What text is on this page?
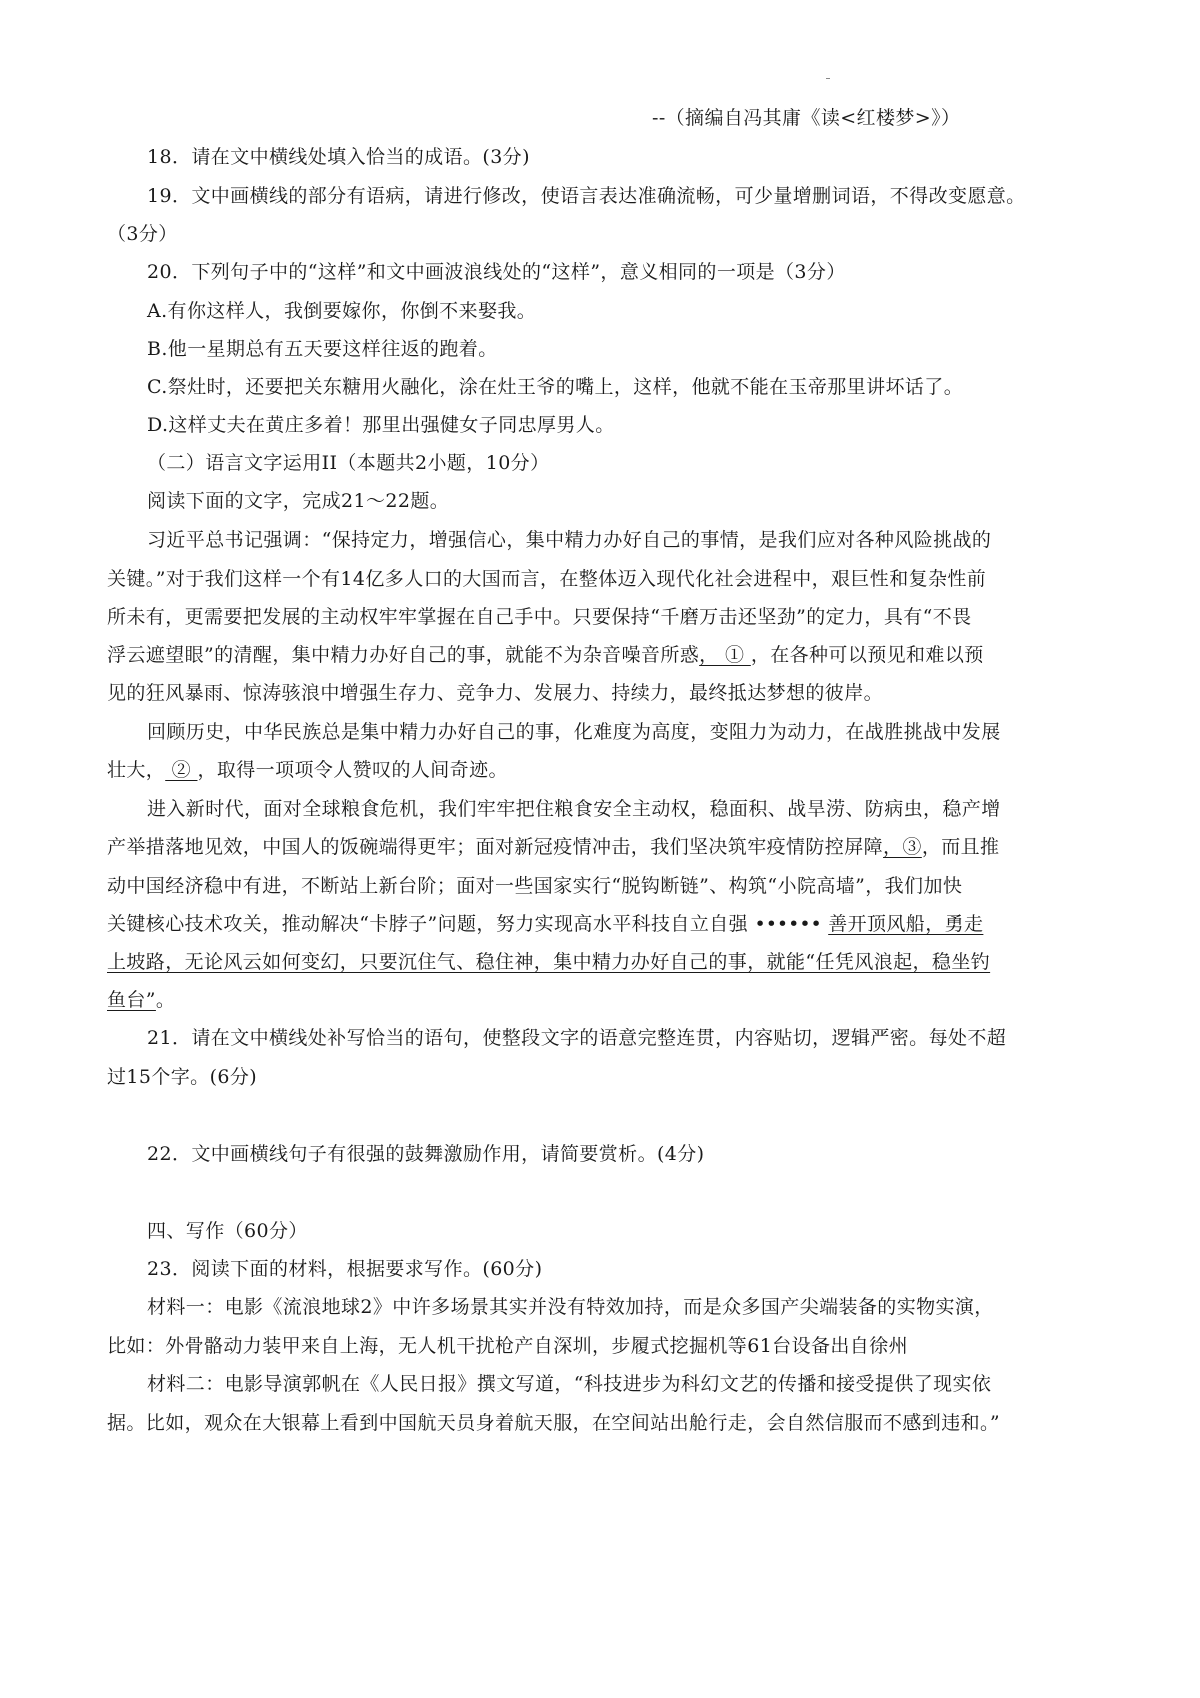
--（摘编自冯其庸《读<红楼梦>》）
18．请在文中横线处填入恰当的成语。(3分)
19．文中画横线的部分有语病，请进行修改，使语言表达准确流畅，可少量增删词语，不得改变愿意。
（3分）
20．下列句子中的“这样”和文中画波浪线处的“这样”，意义相同的一项是（3分）
A.有你这样人，我倒要嫁你，你倒不来娶我。
B.他一星期总有五天要这样往返的跑着。
C.祭灶时，还要把关东糖用火融化，涂在灶王爷的嘴上，这样，他就不能在玉帝那里讲坏话了。
D.这样丈夫在黄庄多着！那里出强健女子同忠厚男人。
（二）语言文字运用II（本题共2小题，10分）
阅读下面的文字，完成21～22题。
习近平总书记强调：“保持定力，增强信心，集中精力办好自己的事情，是我们应对各种风险挑战的
关键。”对于我们这样一个有14亿多人口的大国而言，在整体迈入现代化社会进程中，艰巨性和复杂性前
所未有，更需要把发展的主动权牢牢掌握在自己手中。只要保持“千磨万击还坚劲”的定力，具有“不畏
浮云遮望眼”的清醒，集中精力办好自己的事，就能不为杂音噪音所惑， ① ，在各种可以预见和难以预
见的狂风暴雨、惊涛骇浪中增强生存力、竞争力、发展力、持续力，最终抵达梦想的彼岸。
回顾历史，中华民族总是集中精力办好自己的事，化难度为高度，变阻力为动力，在战胜挑战中发展
壮大， ② ，取得一项项令人赞叹的人间奇迹。
进入新时代，面对全球粮食危机，我们牢牢把住粮食安全主动权，稳面积、战旱涝、防病虫，稳产增
产举措落地见效，中国人的饭碗端得更牢；面对新冠疫情冲击，我们坚决筑牢疫情防控屏障，③，而且推
动中国经济稳中有进，不断站上新台阶；面对一些国家实行“脱钩断链”、构筑“小院高墙”，我们加快
关键核心技术攻关，推动解决“卡脖子”问题，努力实现高水平科技自立自强 •••••• 善开顶风船，勇走
上坡路，无论风云如何变幻，只要沉住气、稳住神，集中精力办好自己的事，就能“任凭风浪起，稳坐钓
鱼台”。
21．请在文中横线处补写恰当的语句，使整段文字的语意完整连贯，内容贴切，逻辑严密。每处不超
过15个字。(6分)
22．文中画横线句子有很强的鼓舞激励作用，请简要赏析。(4分)
四、写作（60分）
23．阅读下面的材料，根据要求写作。(60分)
材料一：电影《流浪地球2》中许多场景其实并没有特效加持，而是众多国产尖端装备的实物实演，
比如：外骨骼动力装甲来自上海，无人机干扰枪产自深圳，步履式挖掘机等61台设备出自徐州
材料二：电影导演郭帆在《人民日报》撰文写道，“科技进步为科幻文艺的传播和接受提供了现实依
据。比如，观众在大银幕上看到中国航天员身着航天服，在空间站出舱行走，会自然信服而不感到违和。”
